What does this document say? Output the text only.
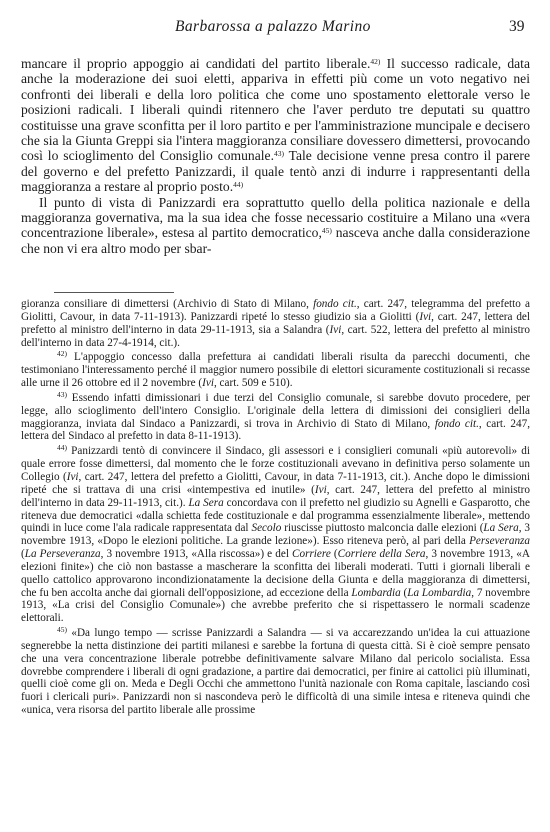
Barbarossa a palazzo Marino	39

mancare il proprio appoggio ai candidati del partito liberale.$^{42)}$ Il successo radicale, data anche la moderazione dei suoi eletti, appariva in effetti più come un voto negativo nei confronti dei liberali e della loro politica che come uno spostamento elettorale verso le posizioni radicali. I liberali quindi ritennero che l'aver perduto tre deputati su quattro costituisse una grave sconfitta per il loro partito e per l'amministrazione muncipale e decisero che sia la Giunta Greppi sia l'intera maggioranza consiliare dovessero dimettersi, provocando così lo scioglimento del Consiglio comunale.$^{43)}$ Tale decisione venne presa contro il parere del governo e del prefetto Panizzardi, il quale tentò anzi di indurre i rappresentanti della maggioranza a restare al proprio posto.$^{44)}$

Il punto di vista di Panizzardi era soprattutto quello della politica nazionale e della maggioranza governativa, ma la sua idea che fosse necessario costituire a Milano una «vera concentrazione liberale», estesa al partito democratico,$^{45)}$ nasceva anche dalla considerazione che non vi era altro modo per sbar-

gioranza consiliare di dimettersi (Archivio di Stato di Milano, fondo cit., cart. 247, telegramma del prefetto a Giolitti, Cavour, in data 7-11-1913). Panizzardi ripeté lo stesso giudizio sia a Giolitti (Ivi, cart. 247, lettera del prefetto al ministro dell'interno in data 29-11-1913, sia a Salandra (Ivi, cart. 522, lettera del prefetto al ministro dell'interno in data 27-4-1914, cit.).

$^{42)}$ L'appoggio concesso dalla prefettura ai candidati liberali risulta da parecchi documenti, che testimoniano l'interessamento perché il maggior numero possibile di elettori sicuramente costituzionali si recasse alle urne il 26 ottobre ed il 2 novembre (Ivi, cart. 509 e 510).

$^{43)}$ Essendo infatti dimissionari i due terzi del Consiglio comunale, si sarebbe dovuto procedere, per legge, allo scioglimento dell'intero Consiglio. L'originale della lettera di dimissioni dei consiglieri della maggioranza, inviata dal Sindaco a Panizzardi, si trova in Archivio di Stato di Milano, fondo cit., cart. 247, lettera del Sindaco al prefetto in data 8-11-1913).

$^{44)}$ Panizzardi tentò di convincere il Sindaco, gli assessori e i consiglieri comunali «più autorevoli» di quale errore fosse dimettersi, dal momento che le forze costituzionali avevano in definitiva perso solamente un Collegio (Ivi, cart. 247, lettera del prefetto a Giolitti, Cavour, in data 7-11-1913, cit.). Anche dopo le dimissioni ripeté che si trattava di una crisi «intempestiva ed inutile» (Ivi, cart. 247, lettera del prefetto al ministro dell'interno in data 29-11-1913, cit.). La Sera concordava con il prefetto nel giudizio su Agnelli e Gasparotto, che riteneva due democratici «dalla schietta fede costituzionale e dal programma essenzialmente liberale», mettendo quindi in luce come l'ala radicale rappresentata dal Secolo riuscisse piuttosto malconcia dalle elezioni (La Sera, 3 novembre 1913, «Dopo le elezioni politiche. La grande lezione»). Esso riteneva però, al pari della Perseveranza (La Perseveranza, 3 novembre 1913, «Alla riscossa») e del Corriere (Corriere della Sera, 3 novembre 1913, «A elezioni finite») che ciò non bastasse a mascherare la sconfitta dei liberali moderati. Tutti i giornali liberali e quello cattolico approvarono incondizionatamente la decisione della Giunta e della maggioranza di dimettersi, che fu ben accolta anche dai giornali dell'opposizione, ad eccezione della Lombardia (La Lombardia, 7 novembre 1913, «La crisi del Consiglio Comunale») che avrebbe preferito che si rispettassero le normali scadenze elettorali.

$^{45)}$ «Da lungo tempo — scrisse Panizzardi a Salandra — si va accarezzando un'idea la cui attuazione segnerebbe la netta distinzione dei partiti milanesi e sarebbe la fortuna di questa città. Si è cioè sempre pensato che una vera concentrazione liberale potrebbe definitivamente salvare Milano dal pericolo socialista. Essa dovrebbe comprendere i liberali di ogni gradazione, a partire dai democratici, per finire ai cattolici più illuminati, quelli cioè come gli on. Meda e Degli Occhi che ammettono l'unità nazionale con Roma capitale, lasciando così fuori i clericali puri». Panizzardi non si nascondeva però le difficoltà di una simile intesa e riteneva quindi che «unica, vera risorsa del partito liberale alle prossime
